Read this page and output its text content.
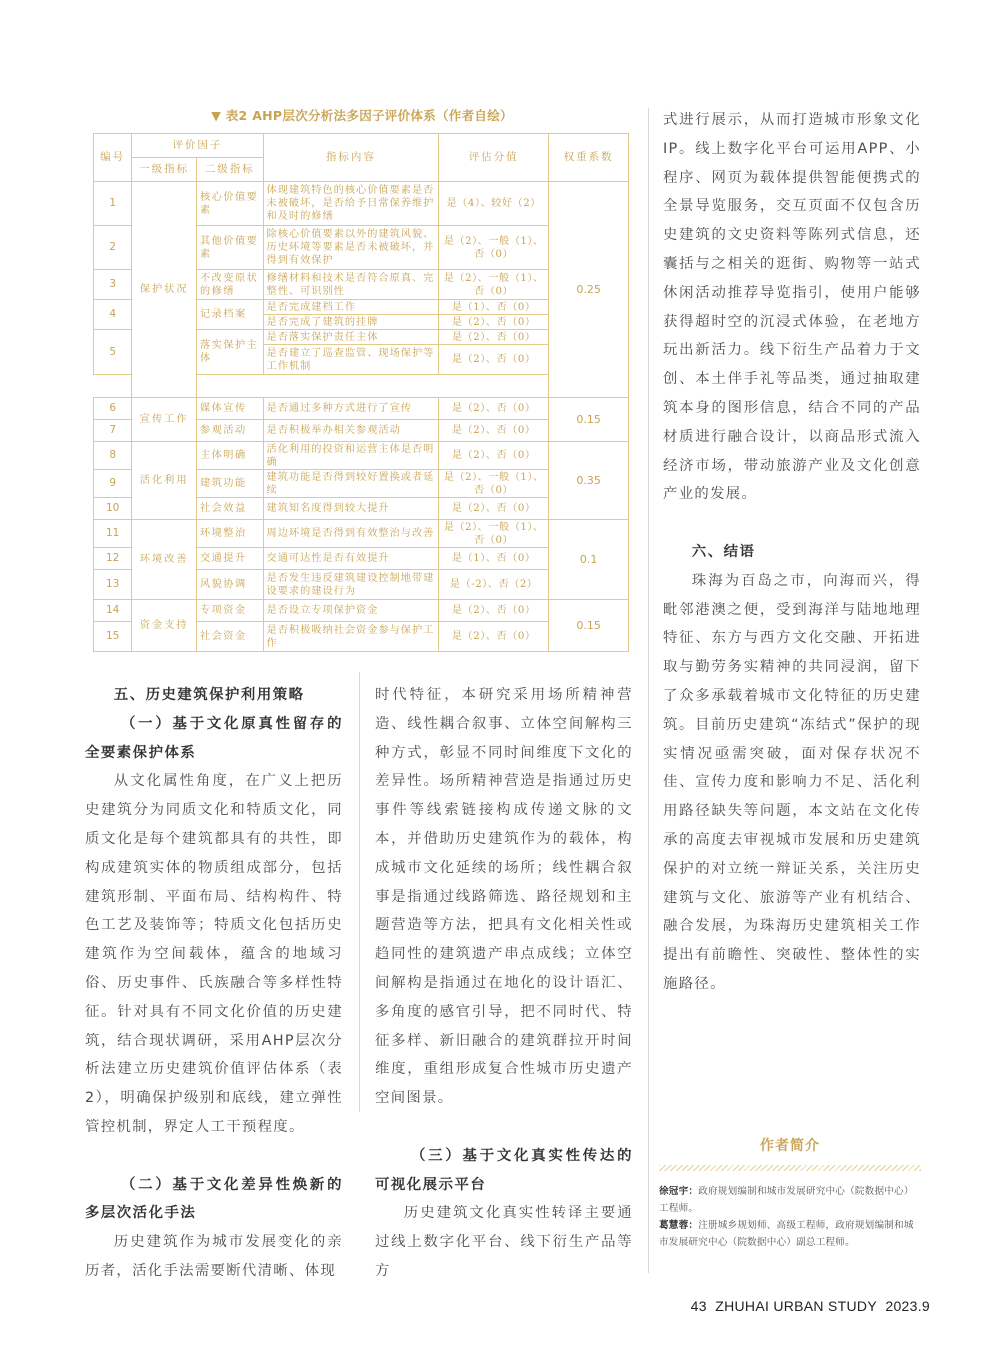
▼ 表2 AHP层次分析法多因子评价体系（作者自绘）
编号	评价因子		指标内容	评估分值	权重系数
	一级指标	二级指标			
1	保护状况	核心价值要素	体现建筑特色的核心价值要素是否未被破坏，是否给予日常保养维护和及时的修缮	是（4）、较好（2）	0.25
2		其他价值要素	除核心价值要素以外的建筑风貌、历史环境等要素是否未被破坏，并得到有效保护	是（2）、一般（1）、否（0）	
3		不改变原状的修缮	修缮材料和技术是否符合原真、完整性、可识别性	是（2）、一般（1）、否（0）	
4		记录档案	是否完成建档工作	是（1）、否（0）	
			是否完成了建筑的挂牌	是（2）、否（0）	
5		落实保护主体	是否落实保护责任主体	是（2）、否（0）	
			是否建立了巡查监管、现场保护等工作机制	是（2）、否（0）	

6	宣传工作	媒体宣传	是否通过多种方式进行了宣传	是（2）、否（0）	0.15
7		参观活动	是否积极举办相关参观活动	是（2）、否（0）	
8	活化利用	主体明确	活化利用的投资和运营主体是否明确	是（2）、否（0）	0.35
9		建筑功能	建筑功能是否得到较好置换或者延续	是（2）、一般（1）、否（0）	
10		社会效益	建筑知名度得到较大提升	是（2）、否（0）	
11	环境改善	环境整治	周边环境是否得到有效整治与改善	是（2）、一般（1）、否（0）	0.1
12		交通提升	交通可达性是否有效提升	是（1）、否（0）	
13		风貌协调	是否发生违反建筑建设控制地带建设要求的建设行为	是（-2）、否（2）	
14	资金支持	专项资金	是否设立专项保护资金	是（2）、否（0）	0.15
15		社会资金	是否积极吸纳社会资金参与保护工作	是（2）、否（0）	

五、历史建筑保护利用策略

（一）基于文化原真性留存的全要素保护体系

从文化属性角度，在广义上把历史建筑分为同质文化和特质文化，同质文化是每个建筑都具有的共性，即构成建筑实体的物质组成部分，包括建筑形制、平面布局、结构构件、特色工艺及装饰等；特质文化包括历史建筑作为空间载体，蕴含的地域习俗、历史事件、氏族融合等多样性特征。针对具有不同文化价值的历史建筑，结合现状调研，采用AHP层次分析法建立历史建筑价值评估体系（表2），明确保护级别和底线，建立弹性管控机制，界定人工干预程度。

（二）基于文化差异性焕新的多层次活化手法

历史建筑作为城市发展变化的亲历者，活化手法需要断代清晰、体现

时代特征，本研究采用场所精神营造、线性耦合叙事、立体空间解构三种方式，彰显不同时间维度下文化的差异性。场所精神营造是指通过历史事件等线索链接构成传递文脉的文本，并借助历史建筑作为的载体，构成城市文化延续的场所；线性耦合叙事是指通过线路筛选、路径规划和主题营造等方法，把具有文化相关性或趋同性的建筑遗产串点成线；立体空间解构是指通过在地化的设计语汇、多角度的感官引导，把不同时代、特征多样、新旧融合的建筑群拉开时间维度，重组形成复合性城市历史遗产空间图景。

（三）基于文化真实性传达的可视化展示平台

历史建筑文化真实性转译主要通过线上数字化平台、线下衍生产品等方

式进行展示，从而打造城市形象文化IP。线上数字化平台可运用APP、小程序、网页为载体提供智能便携式的全景导览服务，交互页面不仅包含历史建筑的文史资料等陈列式信息，还囊括与之相关的逛街、购物等一站式休闲活动推荐导览指引，使用户能够获得超时空的沉浸式体验，在老地方玩出新活力。线下衍生产品着力于文创、本土伴手礼等品类，通过抽取建筑本身的图形信息，结合不同的产品材质进行融合设计，以商品形式流入经济市场，带动旅游产业及文化创意产业的发展。

六、结语

珠海为百岛之市，向海而兴，得毗邻港澳之便，受到海洋与陆地地理特征、东方与西方文化交融、开拓进取与勤劳务实精神的共同浸润，留下了众多承载着城市文化特征的历史建筑。目前历史建筑“冻结式”保护的现实情况亟需突破，面对保存状况不佳、宣传力度和影响力不足、活化利用路径缺失等问题，本文站在文化传承的高度去审视城市发展和历史建筑保护的对立统一辩证关系，关注历史建筑与文化、旅游等产业有机结合、融合发展，为珠海历史建筑相关工作提出有前瞻性、突破性、整体性的实施路径。

作者简介
徐冠宇：政府规划编制和城市发展研究中心（院数据中心）工程师。
葛慧蓉：注册城乡规划师、高级工程师，政府规划编制和城市发展研究中心（院数据中心）副总工程师。
43 ZHUHAI URBAN STUDY 2023.9
